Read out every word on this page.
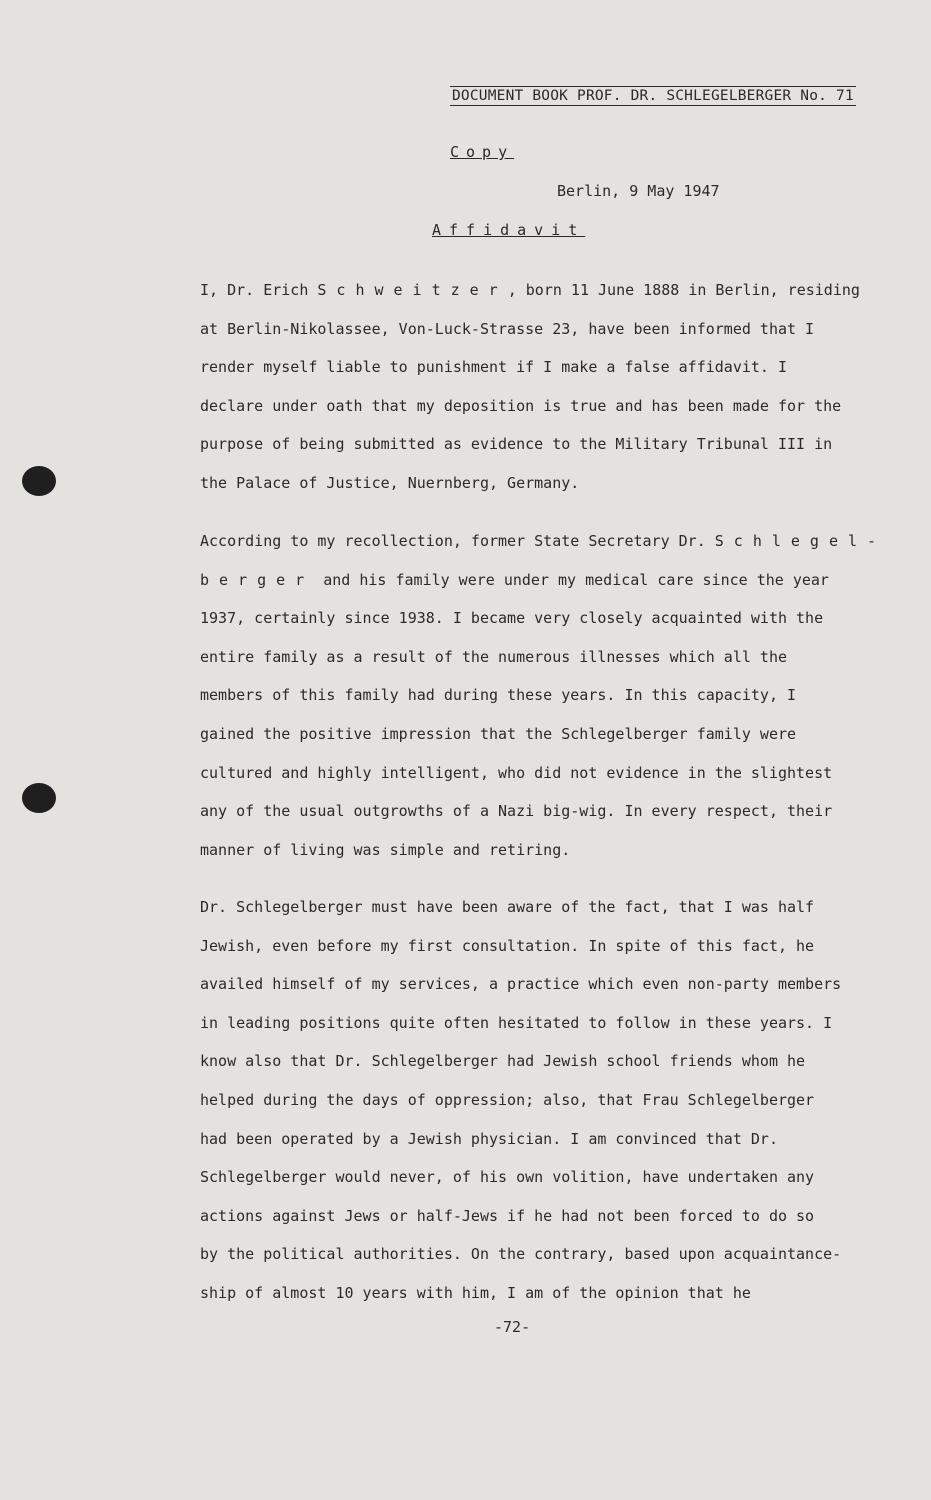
DOCUMENT BOOK PROF. DR. SCHLEGELBERGER No. 71
Copy
Berlin, 9 May 1947
Affidavit
I, Dr. Erich Schweitzer, born 11 June 1888 in Berlin, residing
at Berlin-Nikolassee, Von-Luck-Strasse 23, have been informed that I
render myself liable to punishment if I make a false affidavit. I
declare under oath that my deposition is true and has been made for the
purpose of being submitted as evidence to the Military Tribunal III in
the Palace of Justice, Nuernberg, Germany.
According to my recollection, former State Secretary Dr. Schlegel-
berger and his family were under my medical care since the year
1937, certainly since 1938. I became very closely acquainted with the
entire family as a result of the numerous illnesses which all the
members of this family had during these years. In this capacity, I
gained the positive impression that the Schlegelberger family were
cultured and highly intelligent, who did not evidence in the slightest
any of the usual outgrowths of a Nazi big-wig. In every respect, their
manner of living was simple and retiring.
Dr. Schlegelberger must have been aware of the fact, that I was half
Jewish, even before my first consultation. In spite of this fact, he
availed himself of my services, a practice which even non-party members
in leading positions quite often hesitated to follow in these years. I
know also that Dr. Schlegelberger had Jewish school friends whom he
helped during the days of oppression; also, that Frau Schlegelberger
had been operated by a Jewish physician. I am convinced that Dr.
Schlegelberger would never, of his own volition, have undertaken any
actions against Jews or half-Jews if he had not been forced to do so
by the political authorities. On the contrary, based upon acquaintance-
ship of almost 10 years with him, I am of the opinion that he
-72-
